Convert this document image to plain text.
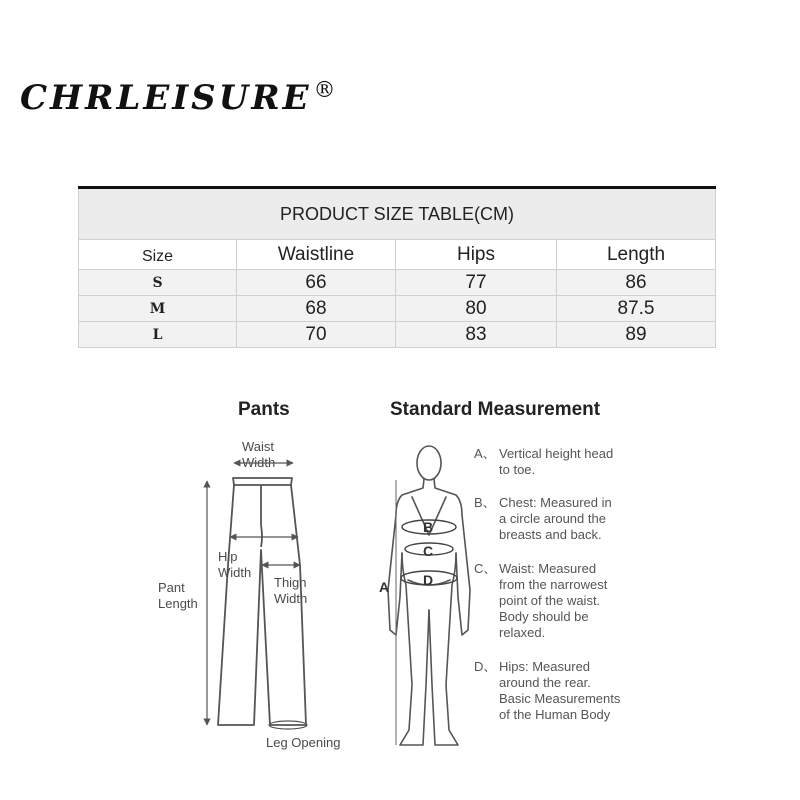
CHRLEISURE®
PRODUCT SIZE TABLE(CM)			
Size	Waistline	Hips	Length
S	66	77	86
M	68	80	87.5
L	70	83	89
Pants
Waist
Width
Hip
Width
Thigh
Width
Pant
Length
Leg Opening
Standard Measurement
B
C
D
A
A、 Vertical height head
to toe.
B、 Chest: Measured in
a circle around the
breasts and back.
C、 Waist: Measured
from the narrowest
point of the waist.
Body should be
relaxed.
D、 Hips: Measured
around the rear.
Basic Measurements
of the Human Body
